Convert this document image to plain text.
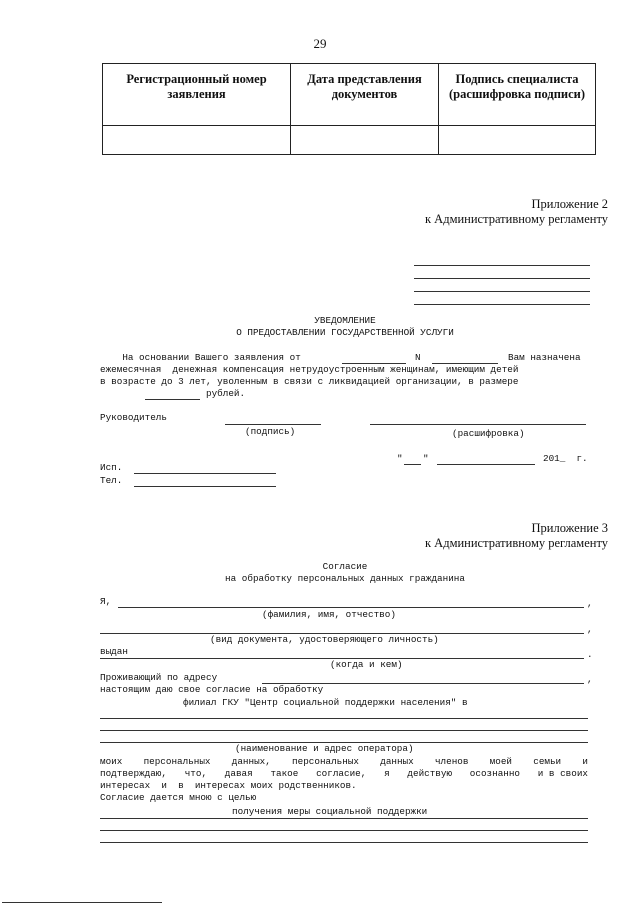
29
Регистрационный номер заявления	Дата представления документов	Подпись специалиста (расшифровка подписи)

Приложение 2
к Административному регламенту
УВЕДОМЛЕНИЕ
О ПРЕДОСТАВЛЕНИИ ГОСУДАРСТВЕННОЙ УСЛУГИ
На основании Вашего заявления от	N	Вам назначена
ежемесячная  денежная компенсация нетрудоустроенным женщинам, имеющим детей
в возрасте до 3 лет, уволенным в связи с ликвидацией организации, в размере
рублей.
Руководитель
(подпись)	(расшифровка)
" "	201_  г.
Исп.
Тел.
Приложение 3
к Административному регламенту
Согласие
на обработку персональных данных гражданина
Я,	,
(фамилия, имя, отчество)
,
(вид документа, удостоверяющего личность)
выдан	.
(когда и кем)
Проживающий по адресу	,
настоящим даю свое согласие на обработку
филиал ГКУ "Центр социальной поддержки населения" в
(наименование и адрес оператора)
моих персональных данных, персональных данных членов моей семьи и
подтверждаю, что, давая такое согласие, я действую осознанно и в своих
интересах  и  в  интересах моих родственников.
Согласие дается мною с целью
получения меры социальной поддержки
